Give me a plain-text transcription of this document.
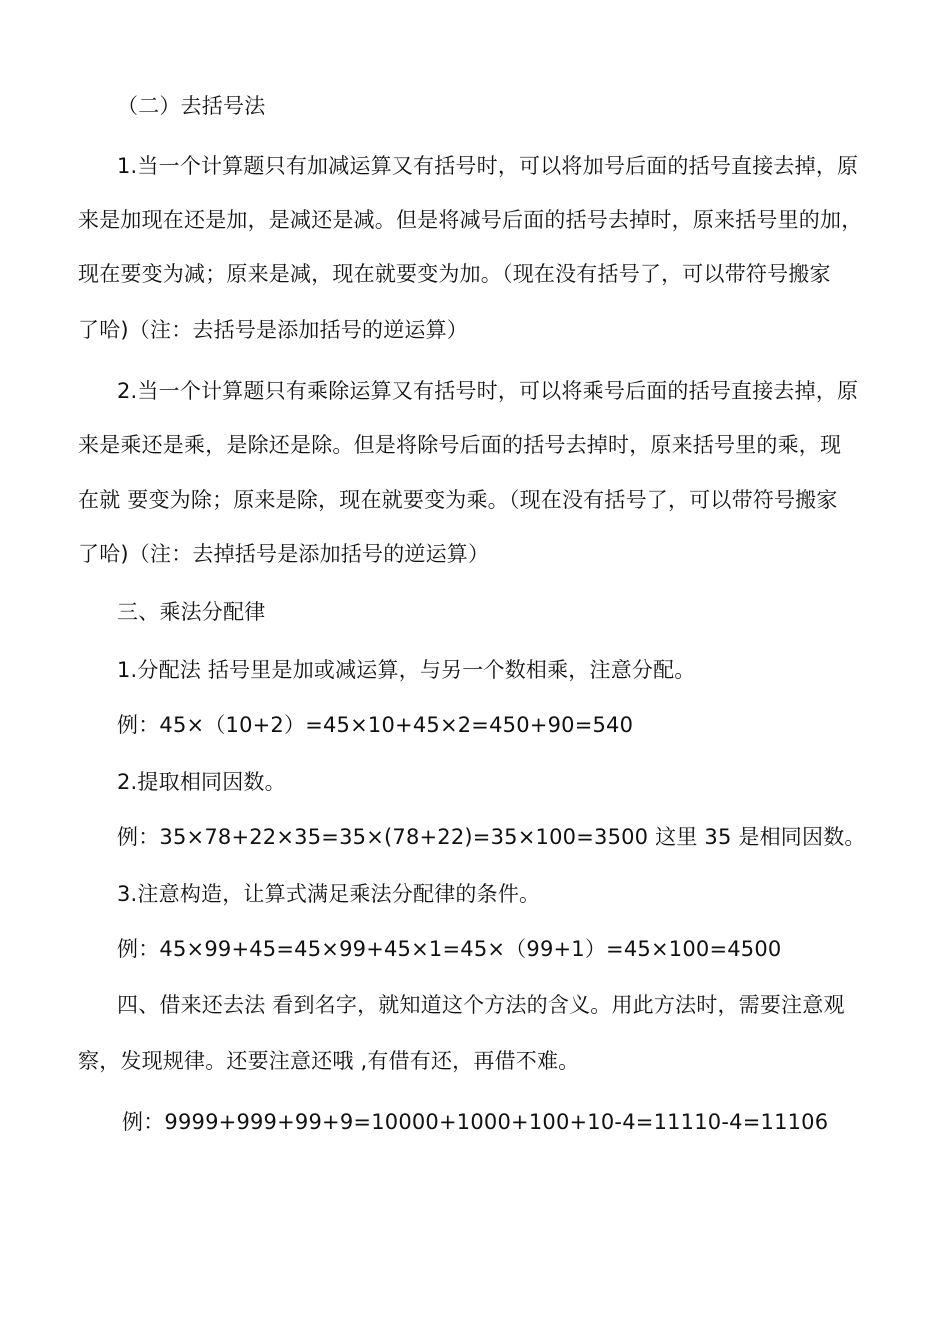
（二）去括号法
1.当一个计算题只有加减运算又有括号时，可以将加号后面的括号直接去掉，原
来是加现在还是加，是减还是减。但是将减号后面的括号去掉时，原来括号里的加，
现在要变为减；原来是减，现在就要变为加。（现在没有括号了，可以带符号搬家
了哈)（注：去括号是添加括号的逆运算）
2.当一个计算题只有乘除运算又有括号时，可以将乘号后面的括号直接去掉，原
来是乘还是乘，是除还是除。但是将除号后面的括号去掉时，原来括号里的乘，现
在就 要变为除；原来是除，现在就要变为乘。（现在没有括号了，可以带符号搬家
了哈)（注：去掉括号是添加括号的逆运算）
三、乘法分配律
1.分配法 括号里是加或减运算，与另一个数相乘，注意分配。
例：45×（10+2）=45×10+45×2=450+90=540
2.提取相同因数。
例：35×78+22×35=35×(78+22)=35×100=3500 这里 35 是相同因数。
3.注意构造，让算式满足乘法分配律的条件。
例：45×99+45=45×99+45×1=45×（99+1）=45×100=4500
四、借来还去法 看到名字，就知道这个方法的含义。用此方法时，需要注意观
察，发现规律。还要注意还哦 ,有借有还，再借不难。
例：9999+999+99+9=10000+1000+100+10-4=11110-4=11106
